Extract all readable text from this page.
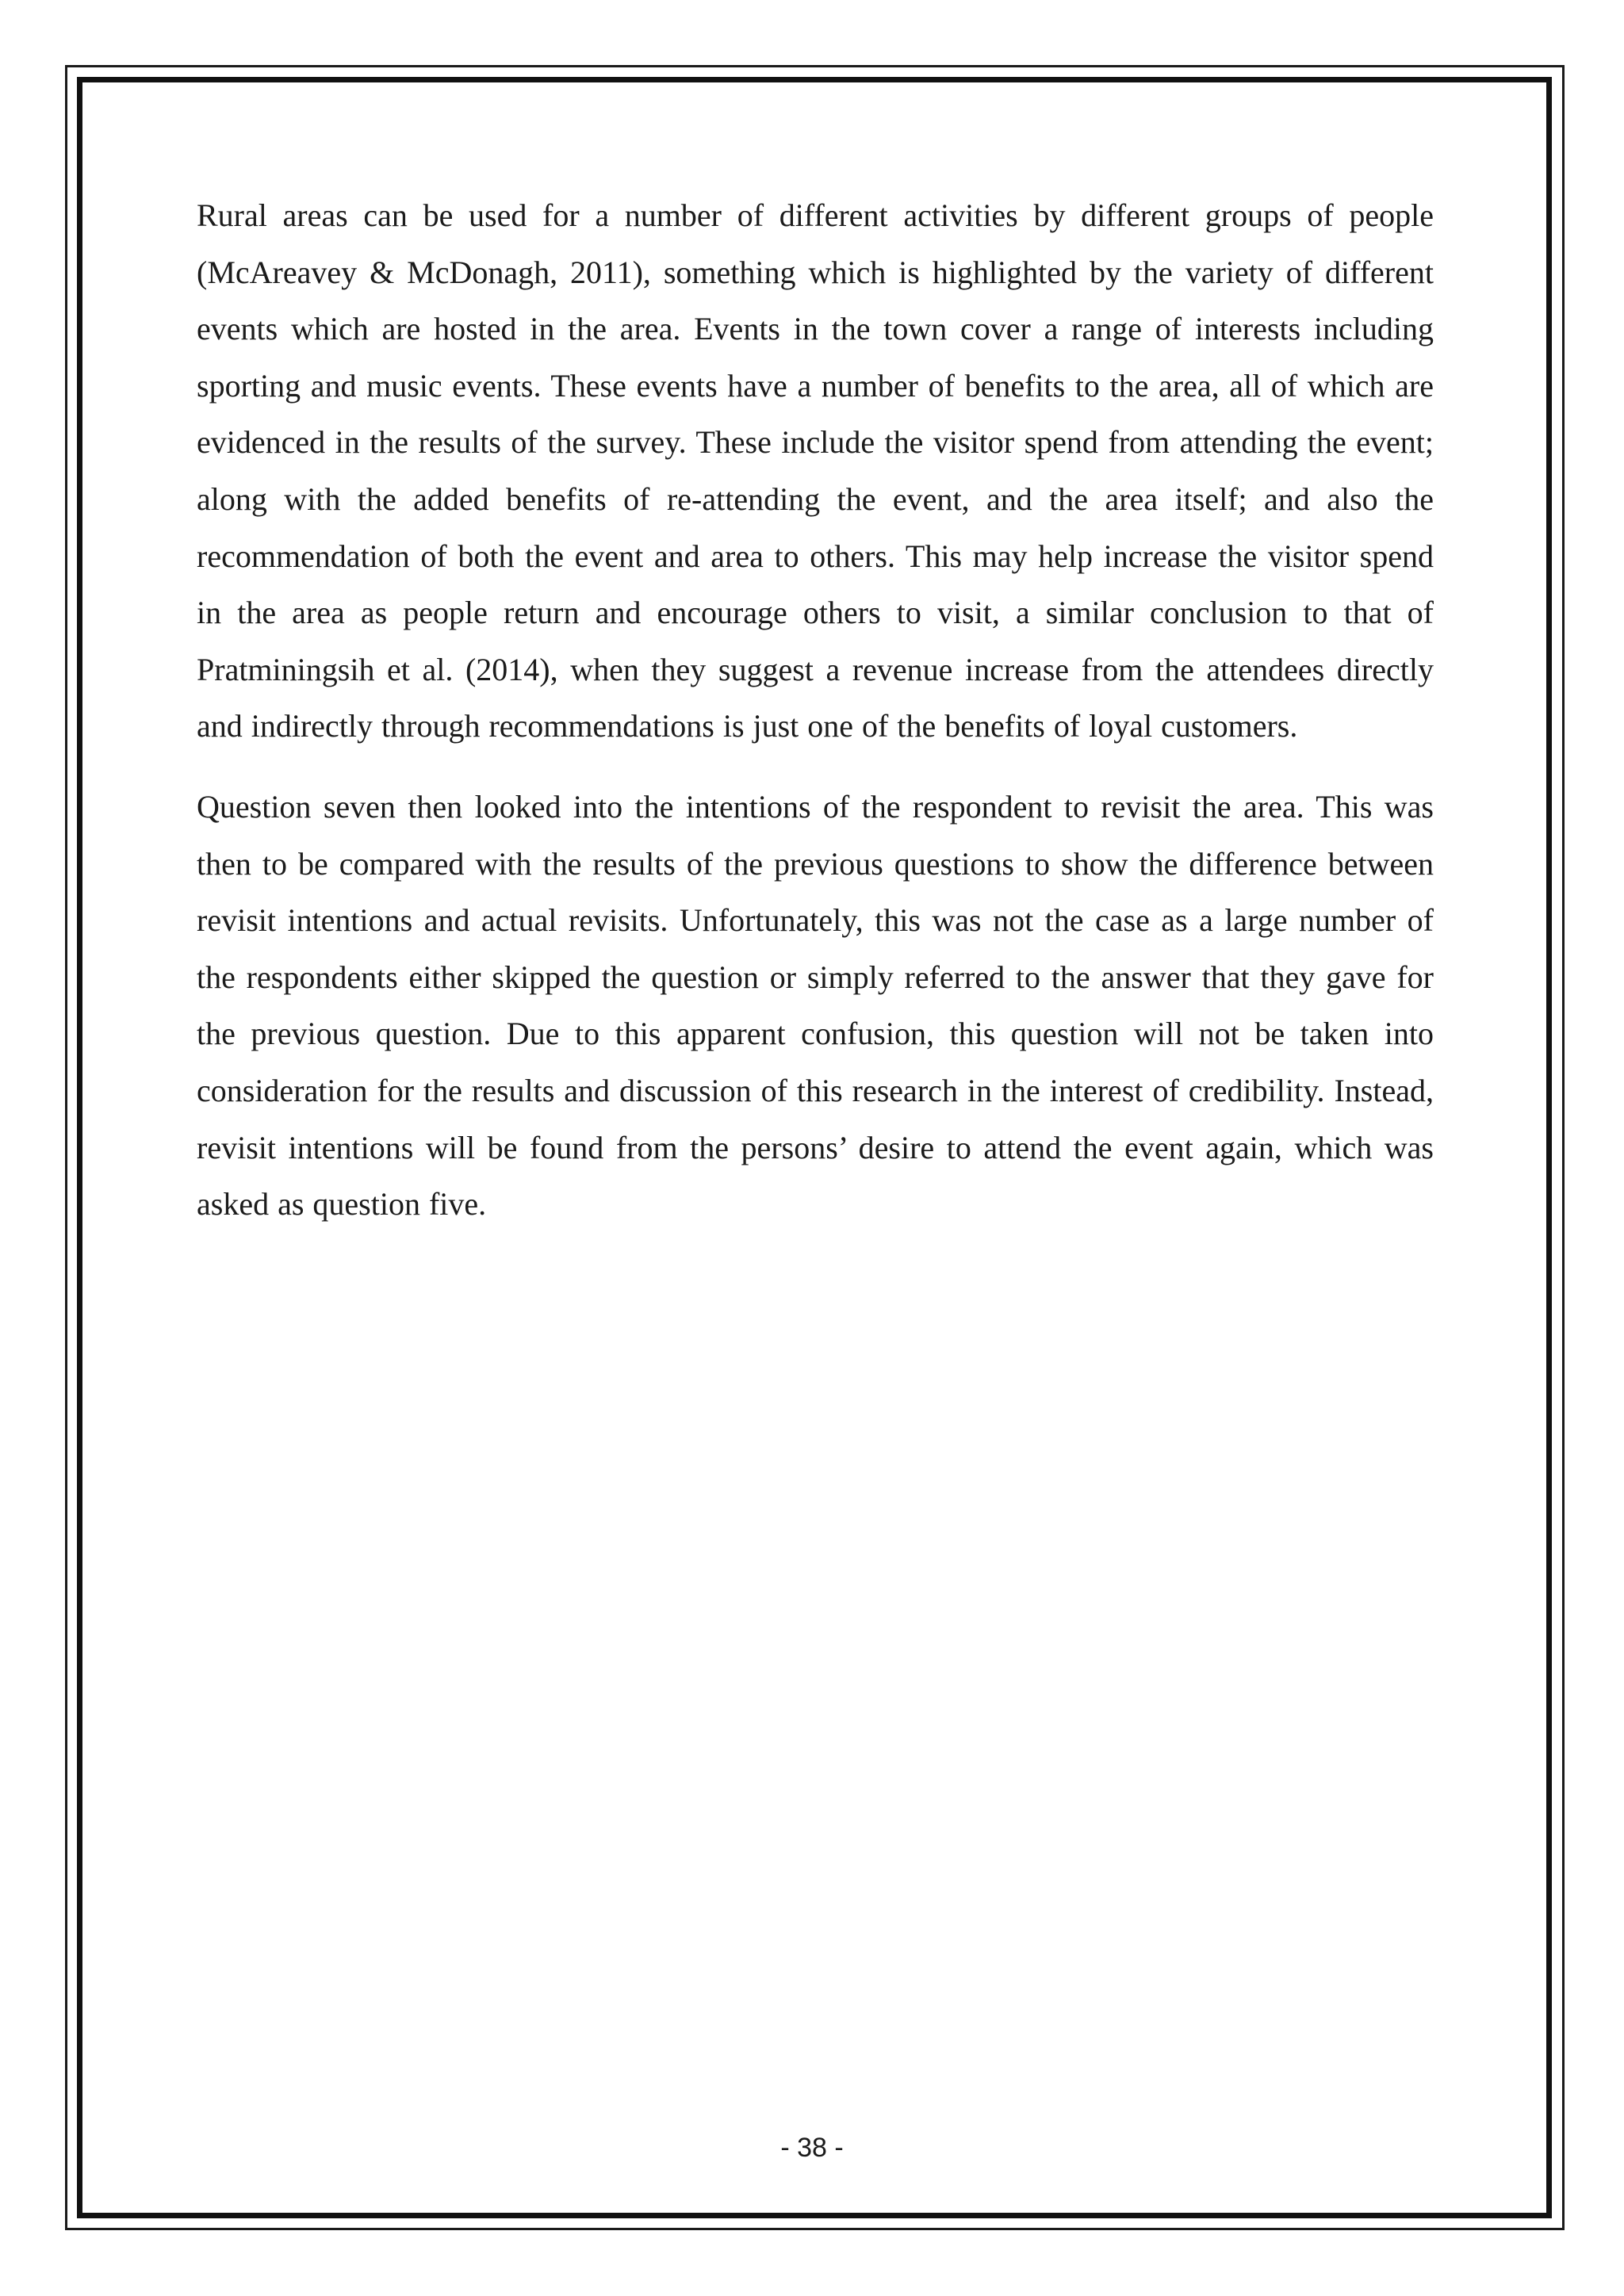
Rural areas can be used for a number of different activities by different groups of people (McAreavey & McDonagh, 2011), something which is highlighted by the variety of different events which are hosted in the area. Events in the town cover a range of interests including sporting and music events. These events have a number of benefits to the area, all of which are evidenced in the results of the survey. These include the visitor spend from attending the event; along with the added benefits of re-attending the event, and the area itself; and also the recommendation of both the event and area to others. This may help increase the visitor spend in the area as people return and encourage others to visit, a similar conclusion to that of Pratminingsih et al. (2014), when they suggest a revenue increase from the attendees directly and indirectly through recommendations is just one of the benefits of loyal customers.

Question seven then looked into the intentions of the respondent to revisit the area. This was then to be compared with the results of the previous questions to show the difference between revisit intentions and actual revisits. Unfortunately, this was not the case as a large number of the respondents either skipped the question or simply referred to the answer that they gave for the previous question. Due to this apparent confusion, this question will not be taken into consideration for the results and discussion of this research in the interest of credibility. Instead, revisit intentions will be found from the persons’ desire to attend the event again, which was asked as question five.

- 38 -
